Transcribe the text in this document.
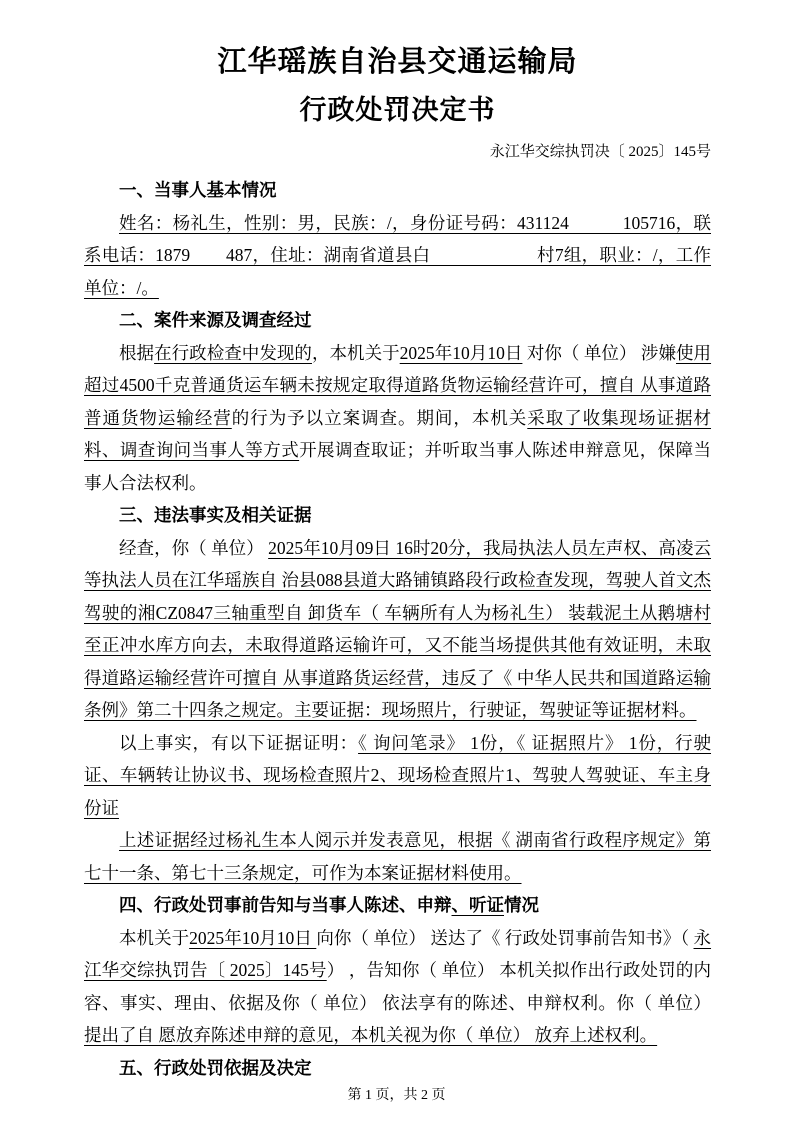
江华瑶族自治县交通运输局
行政处罚决定书
永江华交综执罚决〔 2025〕145号
一、当事人基本情况

姓名：杨礼生，性别：男，民族：/，身份证号码：431124　　　105716，联系电话：1879　　487，住址：湖南省道县白　　　　　　村7组，职业：/，工作单位：/。

二、案件来源及调查经过

根据在行政检查中发现的，本机关于2025年10月10日 对你（ 单位） 涉嫌使用超过4500千克普通货运车辆未按规定取得道路货物运输经营许可，擅自 从事道路普通货物运输经营的行为予以立案调查。期间，本机关采取了收集现场证据材料、调查询问当事人等方式开展调查取证；并听取当事人陈述申辩意见，保障当事人合法权利。

三、违法事实及相关证据

经查，你（ 单位） 2025年10月09日 16时20分，我局执法人员左声权、高凌云等执法人员在江华瑶族自 治县088县道大路铺镇路段行政检查发现，驾驶人首文杰驾驶的湘CZ0847三轴重型自 卸货车（ 车辆所有人为杨礼生） 装载泥土从鹅塘村至正冲水库方向去，未取得道路运输许可，又不能当场提供其他有效证明，未取得道路运输经营许可擅自 从事道路货运经营，违反了《 中华人民共和国道路运输条例》第二十四条之规定。主要证据：现场照片，行驶证，驾驶证等证据材料。

以上事实，有以下证据证明：《 询问笔录》 1份，《 证据照片》 1份，行驶证、车辆转让协议书、现场检查照片2、现场检查照片1、驾驶人驾驶证、车主身份证

上述证据经过杨礼生本人阅示并发表意见，根据《 湖南省行政程序规定》第七十一条、第七十三条规定，可作为本案证据材料使用。

四、行政处罚事前告知与当事人陈述、申辩、听证情况

本机关于2025年10月10日 向你（ 单位） 送达了《 行政处罚事前告知书》（ 永江华交综执罚告〔 2025〕145号） ，告知你（ 单位） 本机关拟作出行政处罚的内容、事实、理由、依据及你（ 单位） 依法享有的陈述、申辩权利。你（ 单位） 提出了自 愿放弃陈述申辩的意见，本机关视为你（ 单位） 放弃上述权利。

五、行政处罚依据及决定
第 1 页，共 2 页
